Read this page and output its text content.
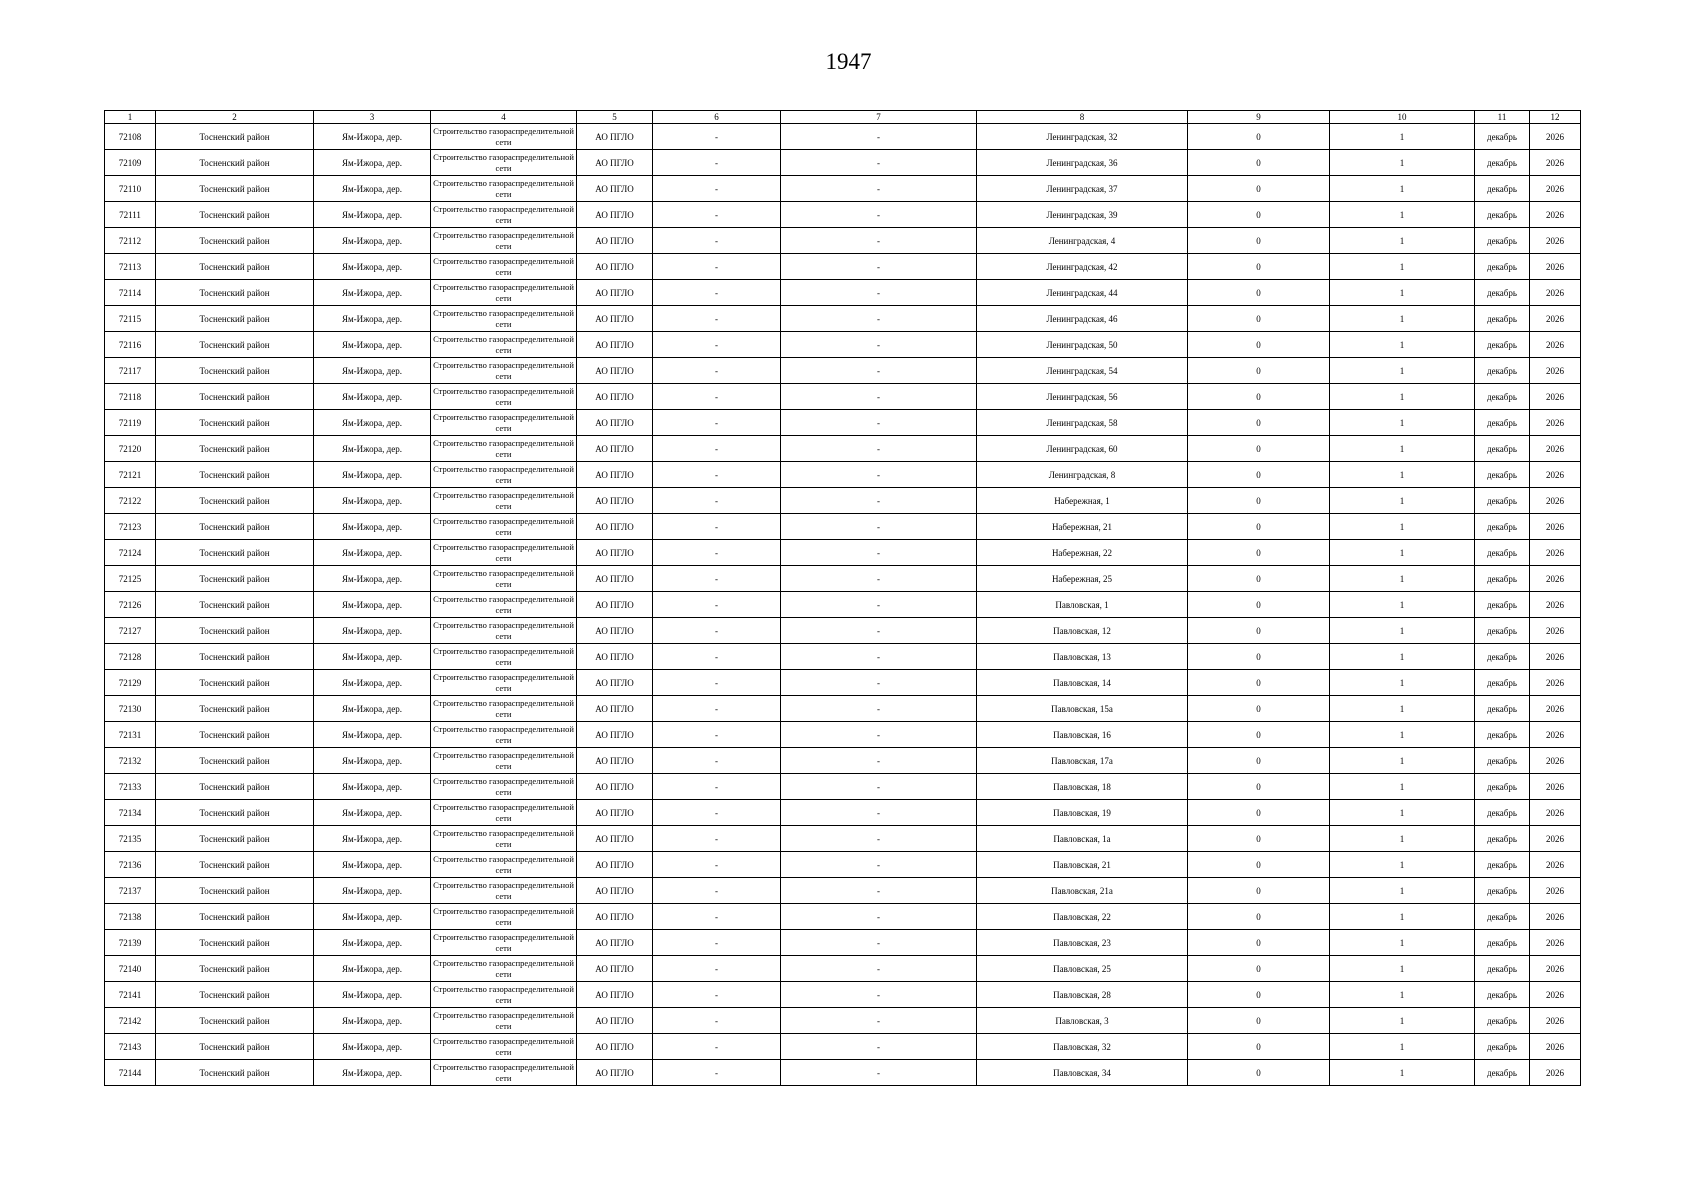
1947
1	2	3	4	5	6	7	8	9	10	11	12
72108	Тосненский район	Ям-Ижора, дер.	Строительство газораспределительной сети	АО ПГЛО	-	-	Ленинградская, 32	0	1	декабрь	2026
72109	Тосненский район	Ям-Ижора, дер.	Строительство газораспределительной сети	АО ПГЛО	-	-	Ленинградская, 36	0	1	декабрь	2026
72110	Тосненский район	Ям-Ижора, дер.	Строительство газораспределительной сети	АО ПГЛО	-	-	Ленинградская, 37	0	1	декабрь	2026
72111	Тосненский район	Ям-Ижора, дер.	Строительство газораспределительной сети	АО ПГЛО	-	-	Ленинградская, 39	0	1	декабрь	2026
72112	Тосненский район	Ям-Ижора, дер.	Строительство газораспределительной сети	АО ПГЛО	-	-	Ленинградская, 4	0	1	декабрь	2026
72113	Тосненский район	Ям-Ижора, дер.	Строительство газораспределительной сети	АО ПГЛО	-	-	Ленинградская, 42	0	1	декабрь	2026
72114	Тосненский район	Ям-Ижора, дер.	Строительство газораспределительной сети	АО ПГЛО	-	-	Ленинградская, 44	0	1	декабрь	2026
72115	Тосненский район	Ям-Ижора, дер.	Строительство газораспределительной сети	АО ПГЛО	-	-	Ленинградская, 46	0	1	декабрь	2026
72116	Тосненский район	Ям-Ижора, дер.	Строительство газораспределительной сети	АО ПГЛО	-	-	Ленинградская, 50	0	1	декабрь	2026
72117	Тосненский район	Ям-Ижора, дер.	Строительство газораспределительной сети	АО ПГЛО	-	-	Ленинградская, 54	0	1	декабрь	2026
72118	Тосненский район	Ям-Ижора, дер.	Строительство газораспределительной сети	АО ПГЛО	-	-	Ленинградская, 56	0	1	декабрь	2026
72119	Тосненский район	Ям-Ижора, дер.	Строительство газораспределительной сети	АО ПГЛО	-	-	Ленинградская, 58	0	1	декабрь	2026
72120	Тосненский район	Ям-Ижора, дер.	Строительство газораспределительной сети	АО ПГЛО	-	-	Ленинградская, 60	0	1	декабрь	2026
72121	Тосненский район	Ям-Ижора, дер.	Строительство газораспределительной сети	АО ПГЛО	-	-	Ленинградская, 8	0	1	декабрь	2026
72122	Тосненский район	Ям-Ижора, дер.	Строительство газораспределительной сети	АО ПГЛО	-	-	Набережная, 1	0	1	декабрь	2026
72123	Тосненский район	Ям-Ижора, дер.	Строительство газораспределительной сети	АО ПГЛО	-	-	Набережная, 21	0	1	декабрь	2026
72124	Тосненский район	Ям-Ижора, дер.	Строительство газораспределительной сети	АО ПГЛО	-	-	Набережная, 22	0	1	декабрь	2026
72125	Тосненский район	Ям-Ижора, дер.	Строительство газораспределительной сети	АО ПГЛО	-	-	Набережная, 25	0	1	декабрь	2026
72126	Тосненский район	Ям-Ижора, дер.	Строительство газораспределительной сети	АО ПГЛО	-	-	Павловская, 1	0	1	декабрь	2026
72127	Тосненский район	Ям-Ижора, дер.	Строительство газораспределительной сети	АО ПГЛО	-	-	Павловская, 12	0	1	декабрь	2026
72128	Тосненский район	Ям-Ижора, дер.	Строительство газораспределительной сети	АО ПГЛО	-	-	Павловская, 13	0	1	декабрь	2026
72129	Тосненский район	Ям-Ижора, дер.	Строительство газораспределительной сети	АО ПГЛО	-	-	Павловская, 14	0	1	декабрь	2026
72130	Тосненский район	Ям-Ижора, дер.	Строительство газораспределительной сети	АО ПГЛО	-	-	Павловская, 15а	0	1	декабрь	2026
72131	Тосненский район	Ям-Ижора, дер.	Строительство газораспределительной сети	АО ПГЛО	-	-	Павловская, 16	0	1	декабрь	2026
72132	Тосненский район	Ям-Ижора, дер.	Строительство газораспределительной сети	АО ПГЛО	-	-	Павловская, 17а	0	1	декабрь	2026
72133	Тосненский район	Ям-Ижора, дер.	Строительство газораспределительной сети	АО ПГЛО	-	-	Павловская, 18	0	1	декабрь	2026
72134	Тосненский район	Ям-Ижора, дер.	Строительство газораспределительной сети	АО ПГЛО	-	-	Павловская, 19	0	1	декабрь	2026
72135	Тосненский район	Ям-Ижора, дер.	Строительство газораспределительной сети	АО ПГЛО	-	-	Павловская, 1а	0	1	декабрь	2026
72136	Тосненский район	Ям-Ижора, дер.	Строительство газораспределительной сети	АО ПГЛО	-	-	Павловская, 21	0	1	декабрь	2026
72137	Тосненский район	Ям-Ижора, дер.	Строительство газораспределительной сети	АО ПГЛО	-	-	Павловская, 21а	0	1	декабрь	2026
72138	Тосненский район	Ям-Ижора, дер.	Строительство газораспределительной сети	АО ПГЛО	-	-	Павловская, 22	0	1	декабрь	2026
72139	Тосненский район	Ям-Ижора, дер.	Строительство газораспределительной сети	АО ПГЛО	-	-	Павловская, 23	0	1	декабрь	2026
72140	Тосненский район	Ям-Ижора, дер.	Строительство газораспределительной сети	АО ПГЛО	-	-	Павловская, 25	0	1	декабрь	2026
72141	Тосненский район	Ям-Ижора, дер.	Строительство газораспределительной сети	АО ПГЛО	-	-	Павловская, 28	0	1	декабрь	2026
72142	Тосненский район	Ям-Ижора, дер.	Строительство газораспределительной сети	АО ПГЛО	-	-	Павловская, 3	0	1	декабрь	2026
72143	Тосненский район	Ям-Ижора, дер.	Строительство газораспределительной сети	АО ПГЛО	-	-	Павловская, 32	0	1	декабрь	2026
72144	Тосненский район	Ям-Ижора, дер.	Строительство газораспределительной сети	АО ПГЛО	-	-	Павловская, 34	0	1	декабрь	2026
